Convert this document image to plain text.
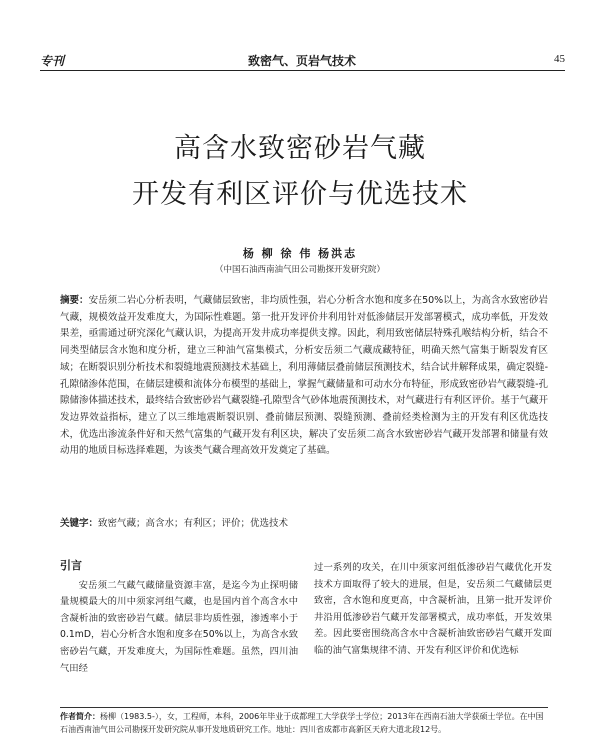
专刊	致密气、页岩气技术	45
高含水致密砂岩气藏
开发有利区评价与优选技术
杨 柳 徐 伟 杨洪志
（中国石油西南油气田公司勘探开发研究院）
摘要：安岳须二岩心分析表明，气藏储层致密，非均质性强，岩心分析含水饱和度多在50%以上，为高含水致密砂岩气藏，规模效益开发难度大，为国际性难题。第一批开发评价井利用针对低渗储层开发部署模式，成功率低，开发效果差，亟需通过研究深化气藏认识，为提高开发井成功率提供支撑。因此，利用致密储层特殊孔喉结构分析，结合不同类型储层含水饱和度分析，建立三种油气富集模式，分析安岳须二气藏成藏特征，明确天然气富集于断裂发育区域；在断裂识别分析技术和裂缝地震预测技术基础上，利用薄储层叠前储层预测技术，结合试井解释成果，确定裂缝-孔隙储渗体范围，在储层建模和流体分布模型的基础上，掌握气藏储量和可动水分布特征，形成致密砂岩气藏裂缝-孔隙储渗体描述技术，最终结合致密砂岩气藏裂缝-孔隙型含气砂体地震预测技术，对气藏进行有利区评价。基于气藏开发边界效益指标，建立了以三维地震断裂识别、叠前储层预测、裂缝预测、叠前烃类检测为主的开发有利区优选技术，优选出渗流条件好和天然气富集的气藏开发有利区块，解决了安岳须二高含水致密砂岩气藏开发部署和储量有效动用的地质目标选择难题，为该类气藏合理高效开发奠定了基础。
关键字：致密气藏；高含水；有利区；评价；优选技术
引言

安岳须二气藏气藏储量资源丰富，是迄今为止探明储量规模最大的川中须家河组气藏，也是国内首个高含水中含凝析油的致密砂岩气藏。储层非均质性强，渗透率小于0.1mD，岩心分析含水饱和度多在50%以上，为高含水致密砂岩气藏，开发难度大，为国际性难题。虽然，四川油气田经

过一系列的攻关，在川中须家河组低渗砂岩气藏优化开发技术方面取得了较大的进展，但是，安岳须二气藏储层更致密，含水饱和度更高，中含凝析油，且第一批开发评价井沿用低渗砂岩气藏开发部署模式，成功率低，开发效果差。因此要密围绕高含水中含凝析油致密砂岩气藏开发面临的油气富集规律不清、开发有利区评价和优选标

作者简介：杨柳（1983.5-），女，工程师，本科，2006年毕业于成都理工大学获学士学位；2013年在西南石油大学获硕士学位。在中国石油西南油气田公司勘探开发研究院从事开发地质研究工作。地址：四川省成都市高新区天府大道北段12号。
